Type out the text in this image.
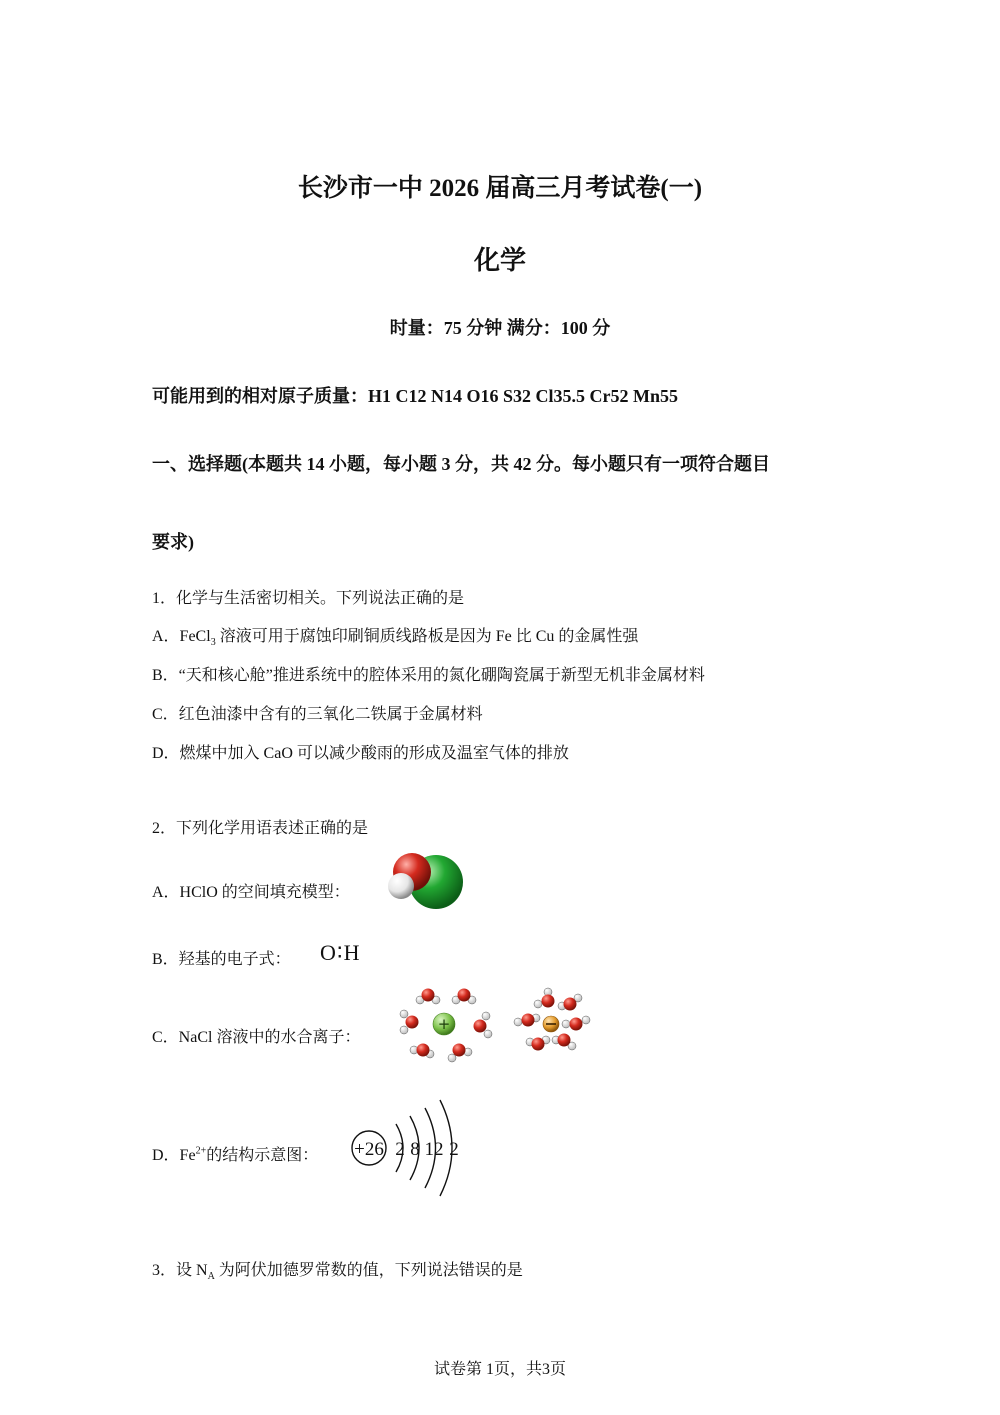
长沙市一中 2026 届高三月考试卷(一)
化学
时量：75 分钟 满分：100 分
可能用到的相对原子质量：H1 C12 N14 O16 S32 Cl35.5 Cr52 Mn55
一、选择题(本题共 14 小题，每小题 3 分，共 42 分。每小题只有一项符合题目
要求)
1．化学与生活密切相关。下列说法正确的是
A．FeCl$_3$ 溶液可用于腐蚀印刷铜质线路板是因为 Fe 比 Cu 的金属性强
B．“天和核心舱”推进系统中的腔体采用的氮化硼陶瓷属于新型无机非金属材料
C．红色油漆中含有的三氧化二铁属于金属材料
D．燃煤中加入 CaO 可以减少酸雨的形成及温室气体的排放
2．下列化学用语表述正确的是
A．HClO 的空间填充模型：
B．羟基的电子式： O∶H
C．NaCl 溶液中的水合离子：
+
D．$Fe^{2+}$的结构示意图： +26 2 8 12 2
3．设 $N_A$ 为阿伏加德罗常数的值，下列说法错误的是
试卷第 1页，共3页
